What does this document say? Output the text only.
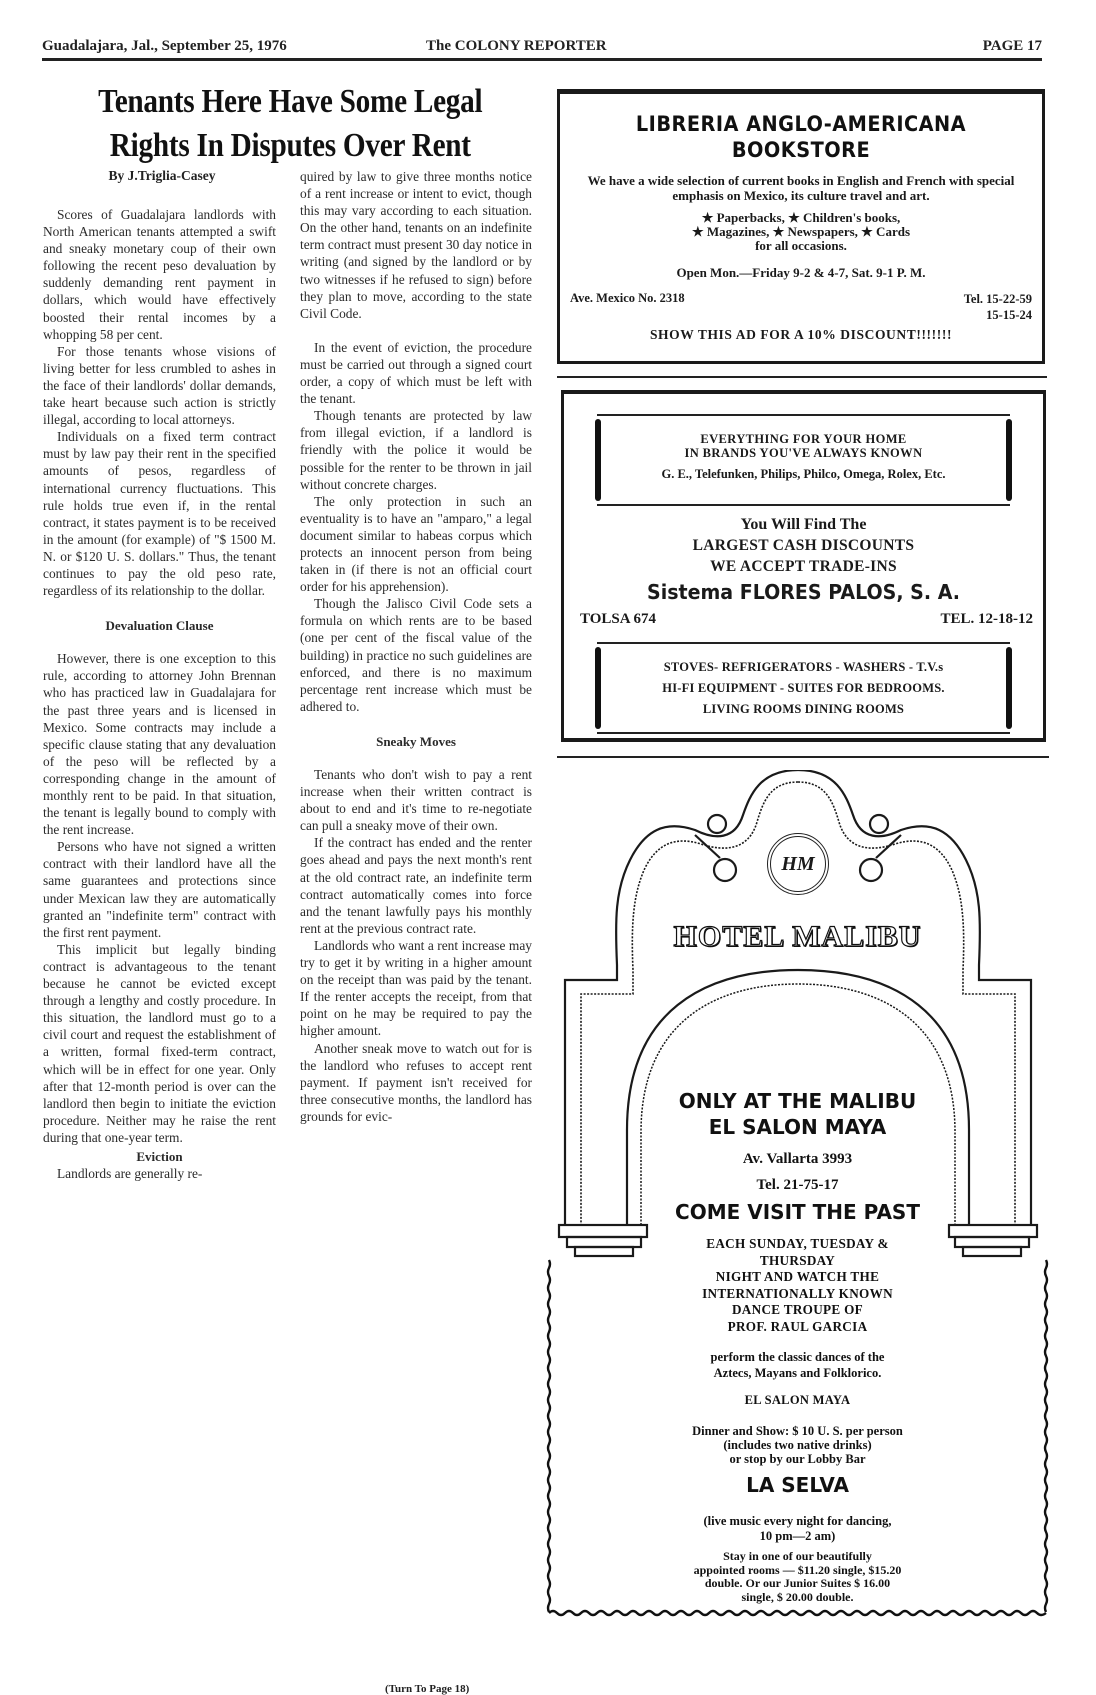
Guadalajara, Jal., September 25, 1976	The COLONY REPORTER	PAGE 17
Tenants Here Have Some Legal
Rights In Disputes Over Rent
By J.Triglia-Casey

Scores of Guadalajara landlords with North American tenants attempted a swift and sneaky monetary coup of their own following the recent peso devaluation by suddenly demanding rent payment in dollars, which would have effectively boosted their rental incomes by a whopping 58 per cent.

For those tenants whose visions of living better for less crumbled to ashes in the face of their landlords' dollar demands, take heart because such action is strictly illegal, according to local attorneys.

Individuals on a fixed term contract must by law pay their rent in the specified amounts of pesos, regardless of international currency fluctuations. This rule holds true even if, in the rental contract, it states payment is to be received in the amount (for example) of "$ 1500 M. N. or $120 U. S. dollars." Thus, the tenant continues to pay the old peso rate, regardless of its relationship to the dollar.

Devaluation Clause

However, there is one exception to this rule, according to attorney John Brennan who has practiced law in Guadalajara for the past three years and is licensed in Mexico. Some contracts may include a specific clause stating that any devaluation of the peso will be reflected by a corresponding change in the amount of monthly rent to be paid. In that situation, the tenant is legally bound to comply with the rent increase.

Persons who have not signed a written contract with their landlord have all the same guarantees and protections since under Mexican law they are automatically granted an "indefinite term" contract with the first rent payment.

This implicit but legally binding contract is advantageous to the tenant because he cannot be evicted except through a lengthy and costly procedure. In this situation, the landlord must go to a civil court and request the establishment of a written, formal fixed-term contract, which will be in effect for one year. Only after that 12-month period is over can the landlord then begin to initiate the eviction procedure. Neither may he raise the rent during that one-year term.

Eviction

Landlords are generally re-

quired by law to give three months notice of a rent increase or intent to evict, though this may vary according to each situation. On the other hand, tenants on an indefinite term contract must present 30 day notice in writing (and signed by the landlord or by two witnesses if he refused to sign) before they plan to move, according to the state Civil Code.

In the event of eviction, the procedure must be carried out through a signed court order, a copy of which must be left with the tenant.

Though tenants are protected by law from illegal eviction, if a landlord is friendly with the police it would be possible for the renter to be thrown in jail without concrete charges.

The only protection in such an eventuality is to have an "amparo," a legal document similar to habeas corpus which protects an innocent person from being taken in (if there is not an official court order for his apprehension).

Though the Jalisco Civil Code sets a formula on which rents are to be based (one per cent of the fiscal value of the building) in practice no such guidelines are enforced, and there is no maximum percentage rent increase which must be adhered to.

Sneaky Moves

Tenants who don't wish to pay a rent increase when their written contract is about to end and it's time to re-negotiate can pull a sneaky move of their own.

If the contract has ended and the renter goes ahead and pays the next month's rent at the old contract rate, an indefinite term contract automatically comes into force and the tenant lawfully pays his monthly rent at the previous contract rate.

Landlords who want a rent increase may try to get it by writing in a higher amount on the receipt than was paid by the tenant. If the renter accepts the receipt, from that point on he may be required to pay the higher amount.

Another sneak move to watch out for is the landlord who refuses to accept rent payment. If payment isn't received for three consecutive months, the landlord has grounds for evic-

(Turn To Page 18)
LIBRERIA ANGLO-AMERICANA
BOOKSTORE
We have a wide selection of current books in English and French with special emphasis on Mexico, its culture travel and art.
★ Paperbacks, ★ Children's books,
★ Magazines, ★ Newspapers, ★ Cards
for all occasions.
Open Mon.—Friday 9-2 & 4-7, Sat. 9-1 P. M.
Ave. Mexico No. 2318	Tel. 15-22-59
15-15-24
SHOW THIS AD FOR A 10% DISCOUNT!!!!!!!
EVERYTHING FOR YOUR HOME
IN BRANDS YOU'VE ALWAYS KNOWN
G. E., Telefunken, Philips, Philco, Omega, Rolex, Etc.
You Will Find The
LARGEST CASH DISCOUNTS
WE ACCEPT TRADE-INS
Sistema FLORES PALOS, S. A.
TOLSA 674	TEL. 12-18-12
STOVES- REFRIGERATORS - WASHERS - T.V.s
HI-FI EQUIPMENT - SUITES FOR BEDROOMS.
LIVING ROOMS DINING ROOMS
HM
HOTEL MALIBU
ONLY AT THE MALIBU
EL SALON MAYA
Av. Vallarta 3993
Tel. 21-75-17
COME VISIT THE PAST
EACH SUNDAY, TUESDAY &
THURSDAY
NIGHT AND WATCH THE
INTERNATIONALLY KNOWN
DANCE TROUPE OF
PROF. RAUL GARCIA
perform the classic dances of the
Aztecs, Mayans and Folklorico.
EL SALON MAYA
Dinner and Show: $ 10 U. S. per person
(includes two native drinks)
or stop by our Lobby Bar
LA SELVA
(live music every night for dancing,
10 pm—2 am)
Stay in one of our beautifully
appointed rooms — $11.20 single, $15.20
double. Or our Junior Suites $ 16.00
single, $ 20.00 double.
